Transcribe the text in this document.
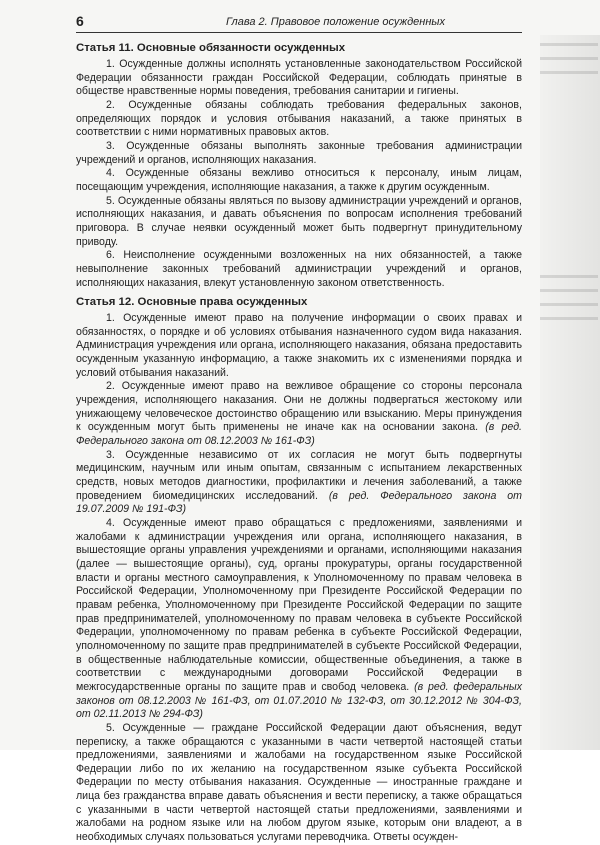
6	Глава 2. Правовое положение осужденных
Статья 11. Основные обязанности осужденных

1. Осужденные должны исполнять установленные законодательством Российской Федерации обязанности граждан Российской Федерации, соблюдать принятые в обществе нравственные нормы поведения, требования санитарии и гигиены.

2. Осужденные обязаны соблюдать требования федеральных законов, определяющих порядок и условия отбывания наказаний, а также принятых в соответствии с ними нормативных правовых актов.

3. Осужденные обязаны выполнять законные требования администрации учреждений и органов, исполняющих наказания.

4. Осужденные обязаны вежливо относиться к персоналу, иным лицам, посещающим учреждения, исполняющие наказания, а также к другим осужденным.

5. Осужденные обязаны являться по вызову администрации учреждений и органов, исполняющих наказания, и давать объяснения по вопросам исполнения требований приговора. В случае неявки осужденный может быть подвергнут принудительному приводу.

6. Неисполнение осужденными возложенных на них обязанностей, а также невыполнение законных требований администрации учреждений и органов, исполняющих наказания, влекут установленную законом ответственность.

Статья 12. Основные права осужденных

1. Осужденные имеют право на получение информации о своих правах и обязанностях, о порядке и об условиях отбывания назначенного судом вида наказания. Администрация учреждения или органа, исполняющего наказания, обязана предоставить осужденным указанную информацию, а также знакомить их с изменениями порядка и условий отбывания наказаний.

2. Осужденные имеют право на вежливое обращение со стороны персонала учреждения, исполняющего наказания. Они не должны подвергаться жестокому или унижающему человеческое достоинство обращению или взысканию. Меры принуждения к осужденным могут быть применены не иначе как на основании закона. (в ред. Федерального закона от 08.12.2003 № 161-ФЗ)

3. Осужденные независимо от их согласия не могут быть подвергнуты медицинским, научным или иным опытам, связанным с испытанием лекарственных средств, новых методов диагностики, профилактики и лечения заболеваний, а также проведением биомедицинских исследований. (в ред. Федерального закона от 19.07.2009 № 191-ФЗ)

4. Осужденные имеют право обращаться с предложениями, заявлениями и жалобами к администрации учреждения или органа, исполняющего наказания, в вышестоящие органы управления учреждениями и органами, исполняющими наказания (далее — вышестоящие органы), суд, органы прокуратуры, органы государственной власти и органы местного самоуправления, к Уполномоченному по правам человека в Российской Федерации, Уполномоченному при Президенте Российской Федерации по правам ребенка, Уполномоченному при Президенте Российской Федерации по защите прав предпринимателей, уполномоченному по правам человека в субъекте Российской Федерации, уполномоченному по правам ребенка в субъекте Российской Федерации, уполномоченному по защите прав предпринимателей в субъекте Российской Федерации, в общественные наблюдательные комиссии, общественные объединения, а также в соответствии с международными договорами Российской Федерации в межгосударственные органы по защите прав и свобод человека. (в ред. федеральных законов от 08.12.2003 № 161-ФЗ, от 01.07.2010 № 132-ФЗ, от 30.12.2012 № 304-ФЗ, от 02.11.2013 № 294-ФЗ)

5. Осужденные — граждане Российской Федерации дают объяснения, ведут переписку, а также обращаются с указанными в части четвертой настоящей статьи предложениями, заявлениями и жалобами на государственном языке Российской Федерации либо по их желанию на государственном языке субъекта Российской Федерации по месту отбывания наказания. Осужденные — иностранные граждане и лица без гражданства вправе давать объяснения и вести переписку, а также обращаться с указанными в части четвертой настоящей статьи предложениями, заявлениями и жалобами на родном языке или на любом другом языке, которым они владеют, а в необходимых случаях пользоваться услугами переводчика. Ответы осужден-
